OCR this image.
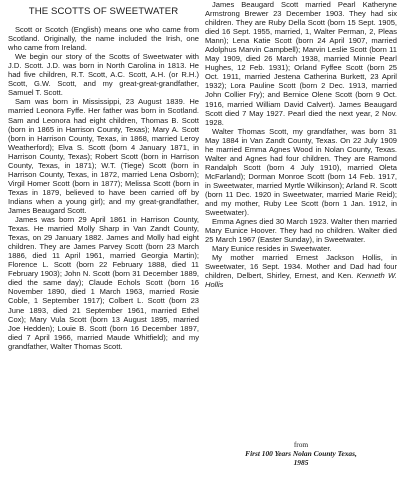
THE SCOTTS OF SWEETWATER

Scott or Scotch (English) means one who came from Scotland. Originally, the name included the Irish, one who came from Ireland.

We begin our story of the Scotts of Sweetwater with J.D. Scott. J.D. was born in North Carolina in 1813. He had five children, R.T. Scott, A.C. Scott, A.H. (or R.H.) Scott, G.W. Scott, and my great-great-grandfather, Samuel T. Scott.

Sam was born in Mississippi, 23 August 1839. He married Leonora Fyffe. Her father was born in Scotland. Sam and Leonora had eight children, Thomas B. Scott (born in 1865 in Harrison County, Texas); Mary A. Scott (born in Harrison County, Texas, in 1868, married Leroy Weatherford); Elva S. Scott (born 4 January 1871, in Harrison County, Texas); Robert Scott (born in Harrison County, Texas, in 1871); W.T. (Tiege) Scott (born in Harrison County, Texas, in 1872, married Lena Osborn); Virgil Homer Scott (born in 1877); Melissa Scott (born in Texas in 1879, believed to have been carried off by Indians when a young girl); and my great-grandfather, James Beaugard Scott.

James was born 29 April 1861 in Harrison County, Texas. He married Molly Sharp in Van Zandt County, Texas, on 29 January 1882. James and Molly had eight children. They are James Parvey Scott (born 23 March 1886, died 11 April 1961, married Georgia Martin); Florence L. Scott (born 22 February 1888, died 11 February 1903); John N. Scott (born 31 December 1889, died the same day); Claude Echols Scott (born 16 November 1890, died 1 March 1963, married Rosie Coble, 1 September 1917); Colbert L. Scott (born 23 June 1893, died 21 September 1961, married Ethel Cox); Mary Vula Scott (born 13 August 1895, married Joe Hedden); Louie B. Scott (born 16 December 1897, died 7 April 1966, married Maude Whitfield); and my grandfather, Walter Thomas Scott.

James Beaugard Scott married Pearl Katheryne Armstrong Brewer 23 December 1903. They had six children. They are Ruby Della Scott (born 15 Sept. 1905, died 16 Sept. 1955, married, 1, Walter Perman, 2, Pleas Mann); Lena Katie Scott (born 24 April 1907, married Adolphus Marvin Campbell); Marvin Leslie Scott (born 11 May 1909, died 26 March 1938, married Minnie Pearl Hughes, 12 Feb. 1931); Orland Fyffee Scott (born 25 Oct. 1911, married Jestena Catherina Burkett, 23 April 1932); Lora Pauline Scott (born 2 Dec. 1913, married John Collier Fry); and Bernice Olene Scott (born 9 Oct. 1916, married William David Calvert). James Beaugard Scott died 7 May 1927. Pearl died the next year, 2 Nov. 1928.

Walter Thomas Scott, my grandfather, was born 31 May 1884 in Van Zandt County, Texas. On 22 July 1909 he married Emma Agnes Wood in Nolan County, Texas. Walter and Agnes had four children. They are Ramond Randalph Scott (born 4 July 1910), married Oleta McFarland); Dorman Monroe Scott (born 14 Feb. 1917, in Sweetwater, married Myrtle Wilkinson); Arland R. Scott (born 11 Dec. 1920 in Sweetwater, married Marie Reid); and my mother, Ruby Lee Scott (born 1 Jan. 1912, in Sweetwater).

Emma Agnes died 30 March 1923. Walter then married Mary Eunice Hoover. They had no children. Walter died 25 March 1967 (Easter Sunday), in Sweetwater.

Mary Eunice resides in Sweetwater.

My mother married Ernest Jackson Hollis, in Sweetwater, 16 Sept. 1934. Mother and Dad had four children, Delbert, Shirley, Ernest, and Ken. Kenneth W. Hollis

from
First 100 Years Nolan County Texas,
1985
